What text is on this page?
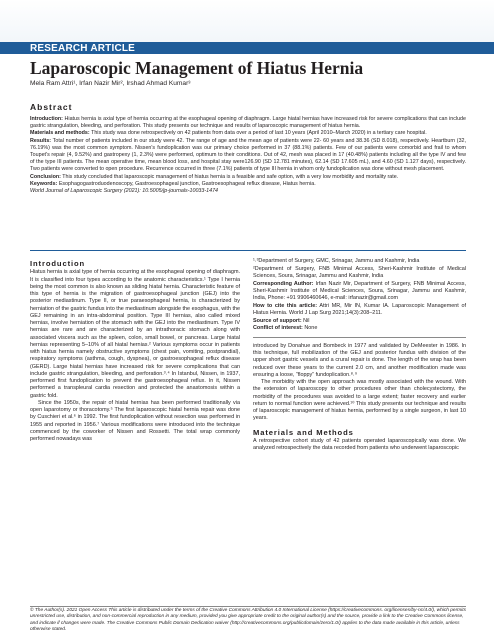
RESEARCH ARTICLE
Laparoscopic Management of Hiatus Hernia
Mela Ram Attri¹, Irfan Nazir Mir², Irshad Ahmad Kumar³
Abstract

Introduction: Hiatus hernia is axial type of hernia occurring at the esophageal opening of diaphragm. Large hiatal hernias have increased risk for severe complications that can include gastric strangulation, bleeding, and perforation. This study presents our technique and results of laparoscopic management of hiatus hernia.

Materials and methods: This study was done retrospectively on 42 patients from data over a period of last 10 years (April 2010–March 2020) in a tertiary care hospital.

Results: Total number of patients included in our study were 42. The range of age and the mean age of patients were 22- 60 years and 38.36 (SD 8.018), respectively. Heartburn (32, 76.19%) was the most common symptom. Nissen's fundoplication was our primary choice performed in 37 (88.1%) patients. Few of our patients were comorbid and frail to whom Toupet's repair (4, 9.52%) and gastropexy (1, 2.3%) were performed, optimum to their conditions. Out of 42, mesh was placed in 17 (40.48%) patients including all the type IV and few of the type III patients. The mean operative time, mean blood loss, and hospital stay were126.90 (SD 12.781 minutes), 62.14 (SD 17.605 mL), and 4.60 (SD 1.127 days), respectively. Two patients were converted to open procedure. Recurrence occurred in three (7.1%) patients of type III hernia in whom only fundoplication was done without mesh placement.

Conclusion: This study concluded that laparoscopic management of hiatus hernia is a feasible and safe option, with a very low morbidity and mortality rate.

Keywords: Esophagogastroduodenoscopy, Gastroesophageal junction, Gastroesophageal reflux disease, Hiatus hernia.

World Journal of Laparoscopic Surgery (2021): 10.5005/jp-journals-10033-1474

Introduction

Hiatus hernia is axial type of hernia occurring at the esophageal opening of diaphragm. It is classified into four types according to the anatomic characteristics.¹ Type I hernia being the most common is also known as sliding hiatal hernia. Characteristic feature of this type of hernia is the migration of gastroesophageal junction (GEJ) into the posterior mediastinum. Type II, or true paraesophageal hernia, is characterized by herniation of the gastric fundus into the mediastinum alongside the esophagus, with the GEJ remaining in an intra-abdominal position. Type III hernias, also called mixed hernias, involve herniation of the stomach with the GEJ into the mediastinum. Type IV hernias are rare and are characterized by an intrathoracic stomach along with associated viscera such as the spleen, colon, small bowel, or pancreas. Large hiatal hernias representing 5–10% of all hiatal hernias.² Various symptoms occur in patients with hiatus hernia namely obstructive symptoms (chest pain, vomiting, postprandial), respiratory symptoms (asthma, cough, dyspnea), or gastroesophageal reflux disease (GERD). Large hiatal hernias have increased risk for severe complications that can include gastric strangulation, bleeding, and perforation.³˒⁴ In Istanbul, Nissen, in 1937, performed first fundoplication to prevent the gastroesophageal reflux. In it, Nissen performed a transpleural cardia resection and protected the anastomosis within a gastric fold.

Since the 1950s, the repair of hiatal hernias has been performed traditionally via open laparotomy or thoracotomy.⁵ The first laparoscopic hiatal hernia repair was done by Cuschieri et al.⁶ in 1992. The first fundoplication without resection was performed in 1955 and reported in 1956.⁷ Various modifications were introduced into the technique commenced by the coworker of Nissen and Rossetti. The total wrap commonly performed nowadays was

¹˒³Department of Surgery, GMC, Srinagar, Jammu and Kashmir, India

²Department of Surgery, FNB Minimal Access, Sheri-Kashmir Institute of Medical Sciences, Soura, Srinagar, Jammu and Kashmir, India

Corresponding Author: Irfan Nazir Mir, Department of Surgery, FNB Minimal Access, Sheri-Kashmir Institute of Medical Sciences, Soura, Srinagar, Jammu and Kashmir, India, Phone: +91 9906460646, e-mail: irfanazir@gmail.com

How to cite this article: Attri MR, Mir IN, Kumar IA. Laparoscopic Management of Hiatus Hernia. World J Lap Surg 2021;14(3):208–211.

Source of support: Nil

Conflict of interest: None

introduced by Donahue and Bombeck in 1977 and validated by DeMeester in 1986. In this technique, full mobilization of the GEJ and posterior fundus with division of the upper short gastric vessels and a crural repair is done. The length of the wrap has been reduced over these years to the current 2.0 cm, and another modification made was ensuring a loose, “floppy” fundoplication.⁸˒⁹

The morbidity with the open approach was mostly associated with the wound. With the extension of laparoscopy to other procedures other than cholecystectomy, the morbidity of the procedures was avoided to a large extent; faster recovery and earlier return to normal function were achieved.¹⁰ This study presents our technique and results of laparoscopic management of hiatus hernia, performed by a single surgeon, in last 10 years.

Materials and Methods

A retrospective cohort study of 42 patients operated laparoscopically was done. We analyzed retrospectively the data recorded from patients who underwent laparoscopic

© The Author(s). 2021 Open Access This article is distributed under the terms of the Creative Commons Attribution 4.0 International License (https://creativecommons. org/licenses/by-nc/4.0/), which permits unrestricted use, distribution, and non-commercial reproduction in any medium, provided you give appropriate credit to the original author(s) and the source, provide a link to the Creative Commons license, and indicate if changes were made. The Creative Commons Public Domain Dedication waiver (http://creativecommons.org/publicdomain/zero/1.0/) applies to the data made available in this article, unless otherwise stated.
